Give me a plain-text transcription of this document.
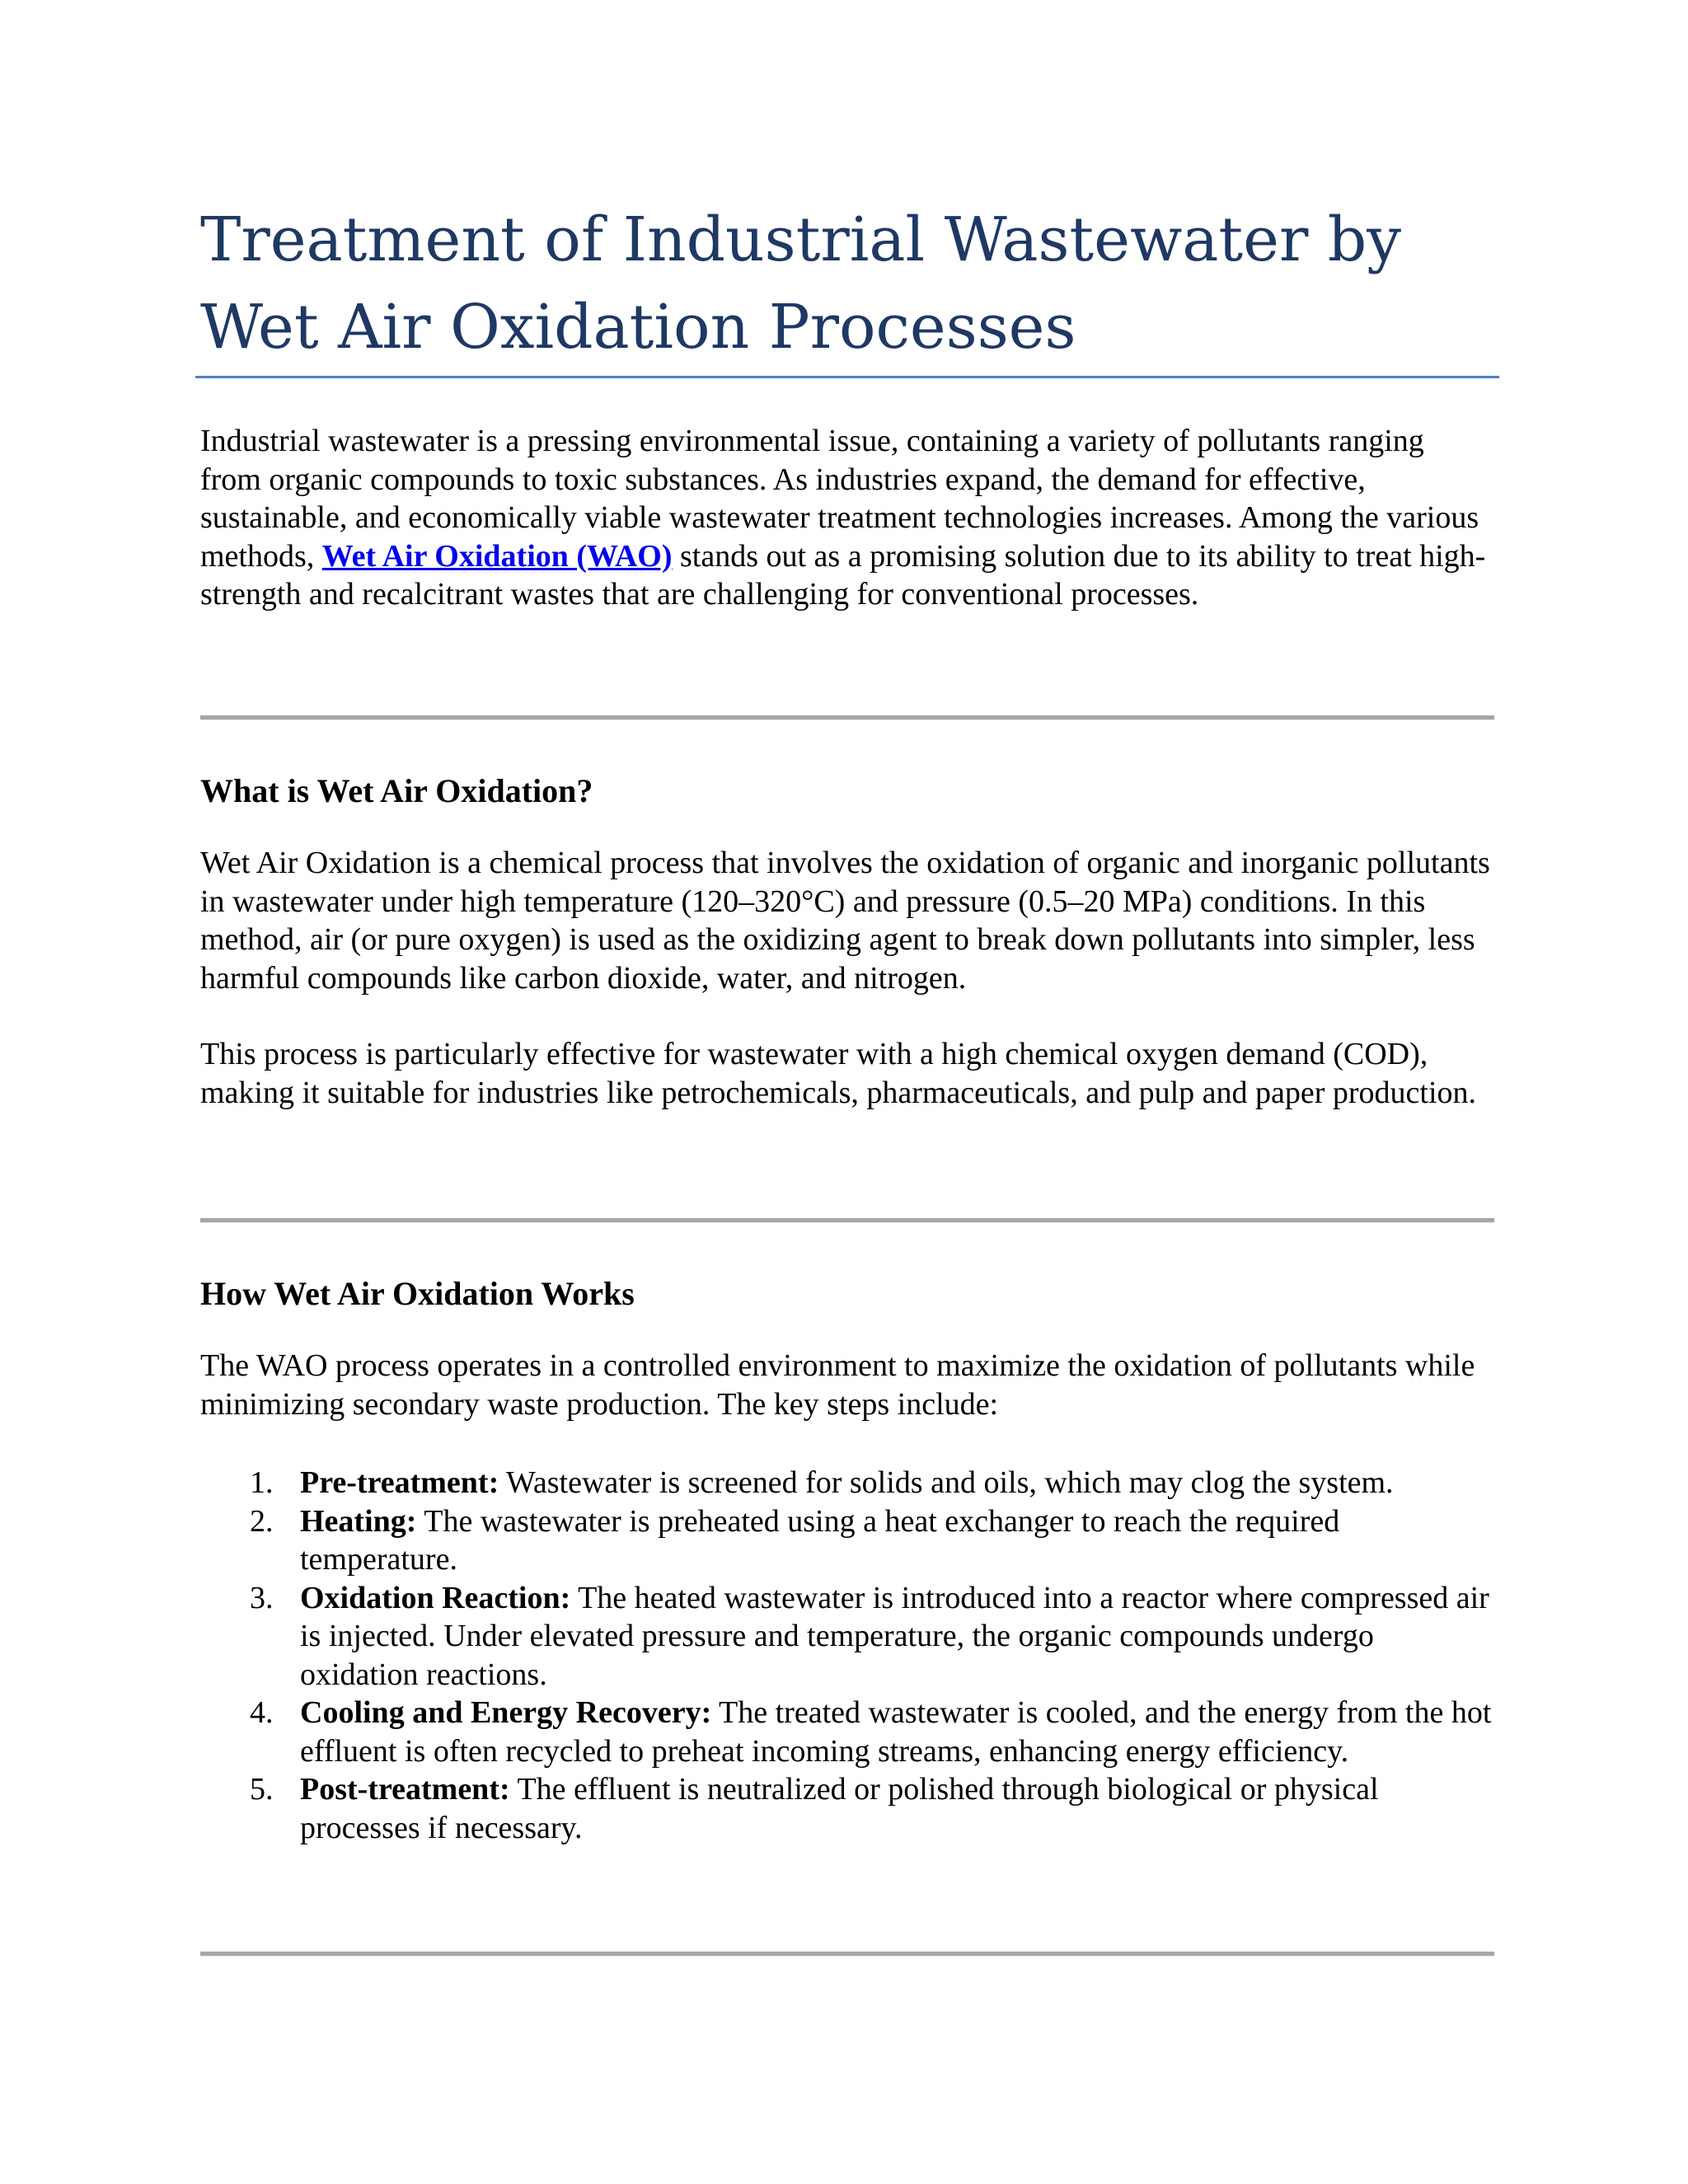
Treatment of Industrial Wastewater by
Wet Air Oxidation Processes

Industrial wastewater is a pressing environmental issue, containing a variety of pollutants ranging from organic compounds to toxic substances. As industries expand, the demand for effective, sustainable, and economically viable wastewater treatment technologies increases. Among the various methods, Wet Air Oxidation (WAO) stands out as a promising solution due to its ability to treat high-strength and recalcitrant wastes that are challenging for conventional processes.

What is Wet Air Oxidation?

Wet Air Oxidation is a chemical process that involves the oxidation of organic and inorganic pollutants in wastewater under high temperature (120–320°C) and pressure (0.5–20 MPa) conditions. In this method, air (or pure oxygen) is used as the oxidizing agent to break down pollutants into simpler, less harmful compounds like carbon dioxide, water, and nitrogen.

This process is particularly effective for wastewater with a high chemical oxygen demand (COD), making it suitable for industries like petrochemicals, pharmaceuticals, and pulp and paper production.

How Wet Air Oxidation Works

The WAO process operates in a controlled environment to maximize the oxidation of pollutants while minimizing secondary waste production. The key steps include:

1. Pre-treatment: Wastewater is screened for solids and oils, which may clog the system.
2. Heating: The wastewater is preheated using a heat exchanger to reach the required temperature.
3. Oxidation Reaction: The heated wastewater is introduced into a reactor where compressed air is injected. Under elevated pressure and temperature, the organic compounds undergo oxidation reactions.
4. Cooling and Energy Recovery: The treated wastewater is cooled, and the energy from the hot effluent is often recycled to preheat incoming streams, enhancing energy efficiency.
5. Post-treatment: The effluent is neutralized or polished through biological or physical processes if necessary.
